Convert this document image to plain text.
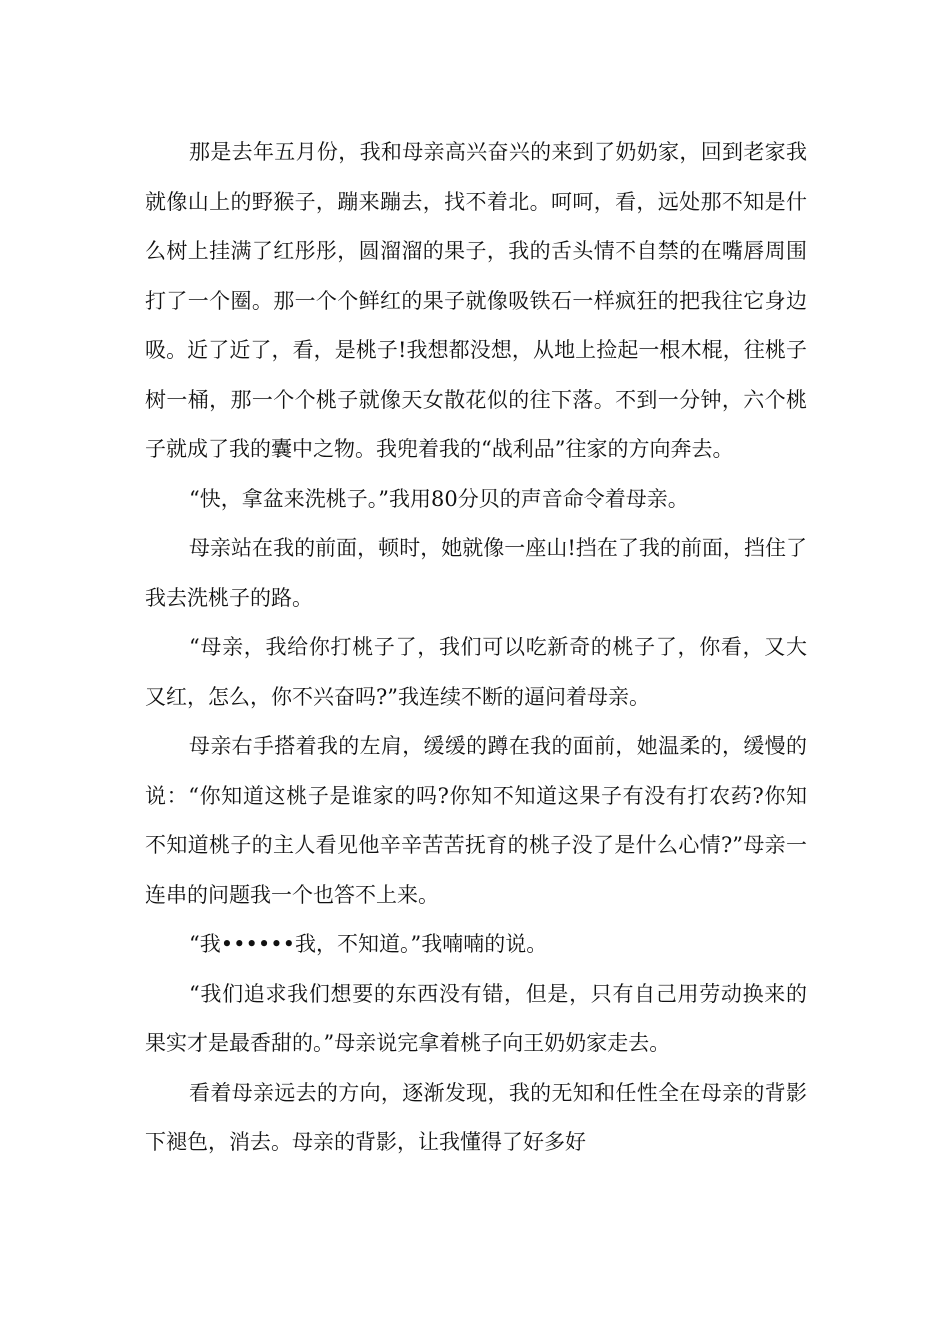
那是去年五月份，我和母亲高兴奋兴的来到了奶奶家，回到老家我就像山上的野猴子，蹦来蹦去，找不着北。呵呵，看，远处那不知是什么树上挂满了红彤彤，圆溜溜的果子，我的舌头情不自禁的在嘴唇周围打了一个圈。那一个个鲜红的果子就像吸铁石一样疯狂的把我往它身边吸。近了近了，看，是桃子!我想都没想，从地上捡起一根木棍，往桃子树一桶，那一个个桃子就像天女散花似的往下落。不到一分钟，六个桃子就成了我的囊中之物。我兜着我的“战利品”往家的方向奔去。

“快，拿盆来洗桃子。”我用80分贝的声音命令着母亲。

母亲站在我的前面，顿时，她就像一座山!挡在了我的前面，挡住了我去洗桃子的路。

“母亲，我给你打桃子了，我们可以吃新奇的桃子了，你看，又大又红，怎么，你不兴奋吗?”我连续不断的逼问着母亲。

母亲右手搭着我的左肩，缓缓的蹲在我的面前，她温柔的，缓慢的说：“你知道这桃子是谁家的吗?你知不知道这果子有没有打农药?你知不知道桃子的主人看见他辛辛苦苦抚育的桃子没了是什么心情?”母亲一连串的问题我一个也答不上来。

“我••••••我，不知道。”我喃喃的说。

“我们追求我们想要的东西没有错，但是，只有自己用劳动换来的果实才是最香甜的。”母亲说完拿着桃子向王奶奶家走去。

看着母亲远去的方向，逐渐发现，我的无知和任性全在母亲的背影下褪色，消去。母亲的背影，让我懂得了好多好
